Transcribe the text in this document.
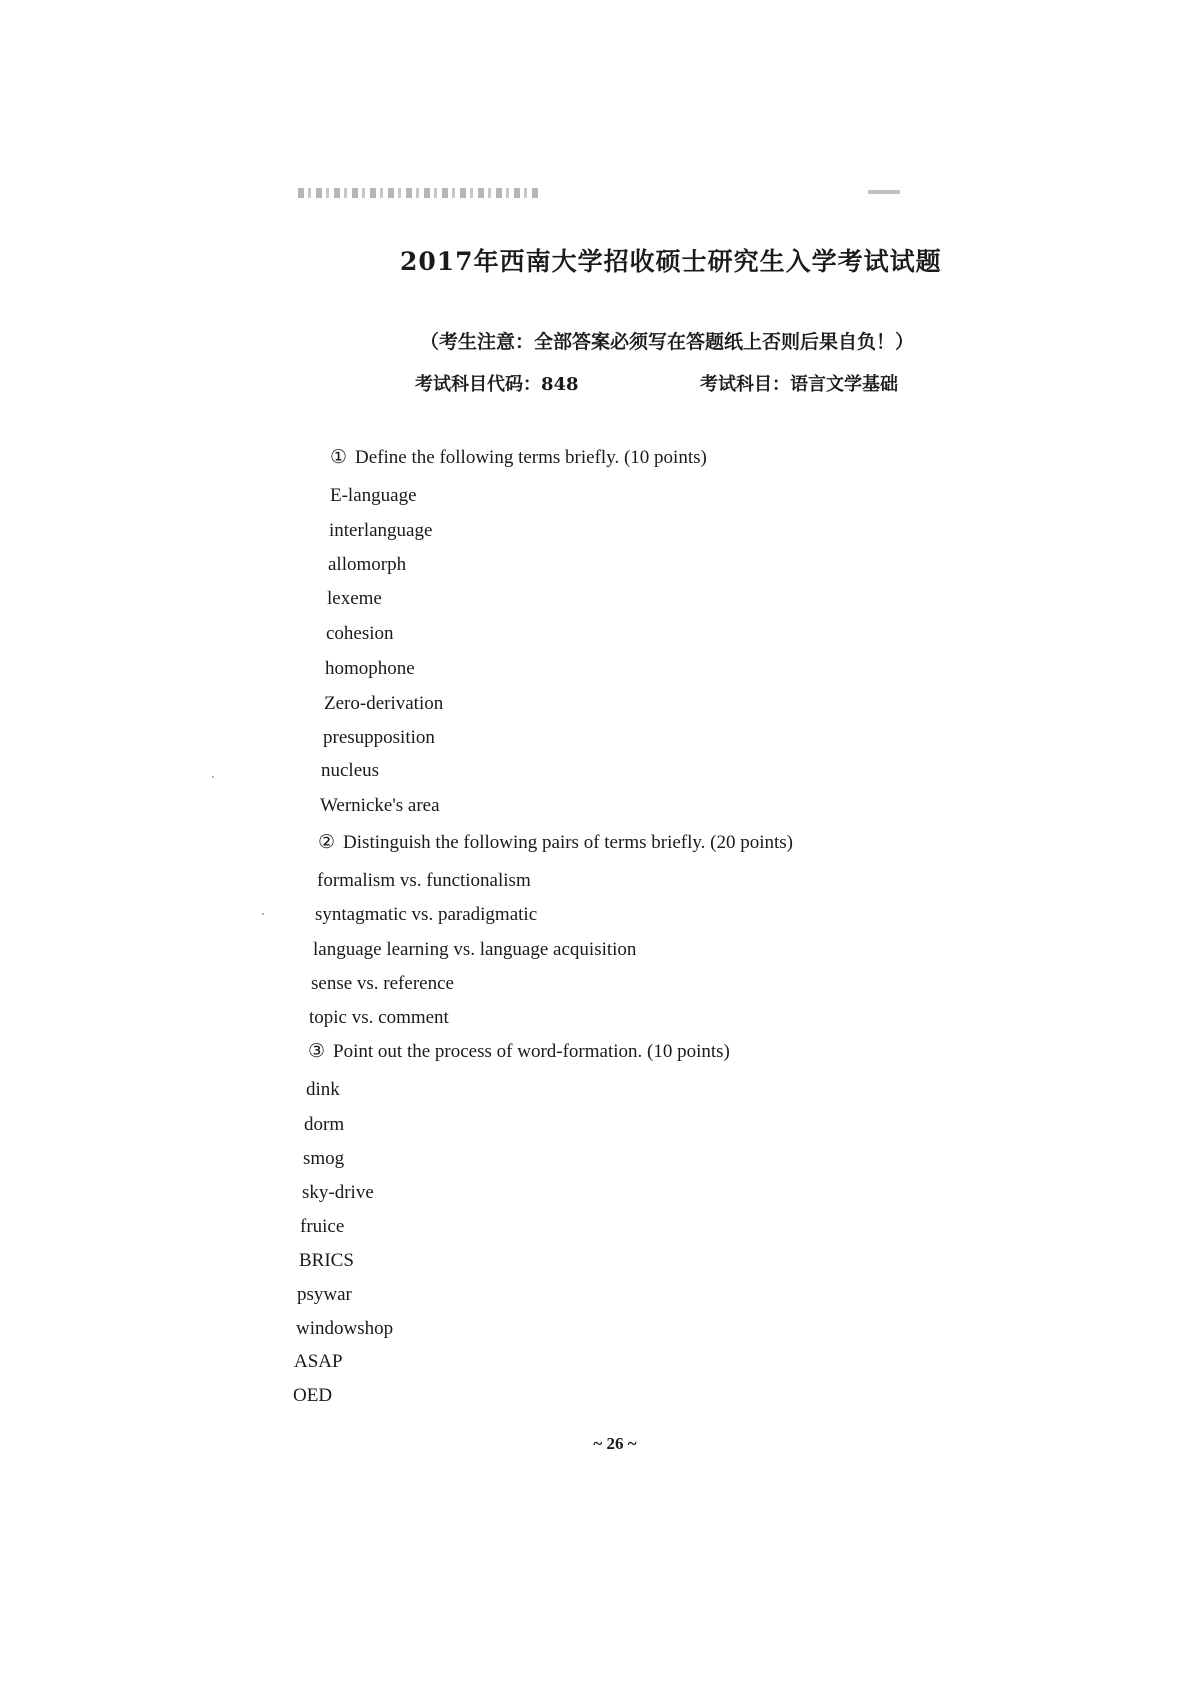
2017年西南大学招收硕士研究生入学考试试题
（考生注意：全部答案必须写在答题纸上否则后果自负！）
考试科目代码：848	考试科目：语言文学基础
① Define the following terms briefly. (10 points)
E-language
interlanguage
allomorph
lexeme
cohesion
homophone
Zero-derivation
presupposition
nucleus
Wernicke's area
② Distinguish the following pairs of terms briefly. (20 points)
formalism vs. functionalism
syntagmatic vs. paradigmatic
language learning vs. language acquisition
sense vs. reference
topic vs. comment
③ Point out the process of word-formation. (10 points)
dink
dorm
smog
sky-drive
fruice
BRICS
psywar
windowshop
ASAP
OED
~ 26 ~
